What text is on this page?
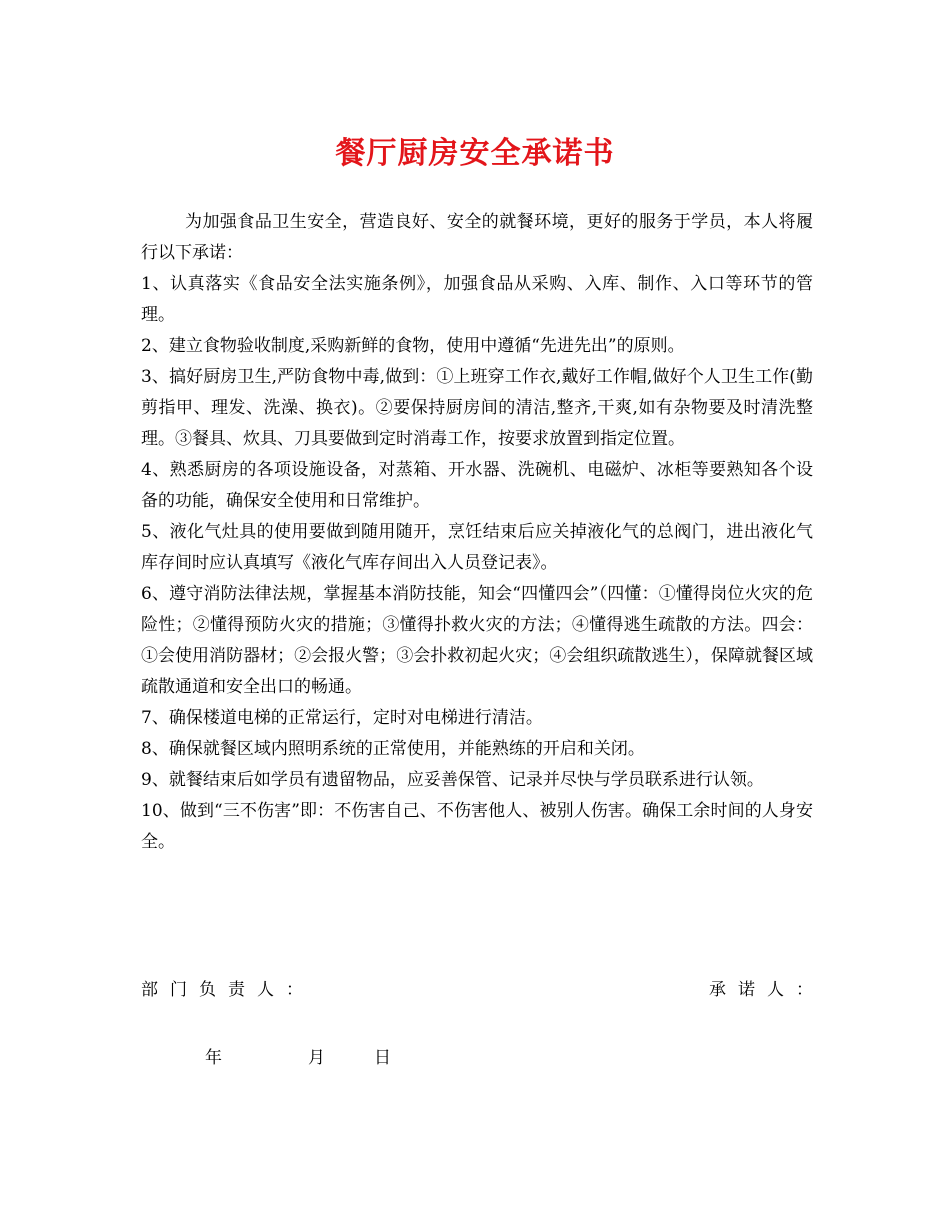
餐厅厨房安全承诺书

为加强食品卫生安全，营造良好、安全的就餐环境，更好的服务于学员，本人将履行以下承诺：

1、认真落实《食品安全法实施条例》，加强食品从采购、入库、制作、入口等环节的管理。

2、建立食物验收制度,采购新鲜的食物，使用中遵循“先进先出”的原则。

3、搞好厨房卫生,严防食物中毒,做到：①上班穿工作衣,戴好工作帽,做好个人卫生工作(勤剪指甲、理发、洗澡、换衣)。②要保持厨房间的清洁,整齐,干爽,如有杂物要及时清洗整理。③餐具、炊具、刀具要做到定时消毒工作，按要求放置到指定位置。

4、熟悉厨房的各项设施设备，对蒸箱、开水器、洗碗机、电磁炉、冰柜等要熟知各个设备的功能，确保安全使用和日常维护。

5、液化气灶具的使用要做到随用随开，烹饪结束后应关掉液化气的总阀门，进出液化气库存间时应认真填写《液化气库存间出入人员登记表》。

6、遵守消防法律法规，掌握基本消防技能，知会“四懂四会”（四懂：①懂得岗位火灾的危险性；②懂得预防火灾的措施；③懂得扑救火灾的方法；④懂得逃生疏散的方法。四会：①会使用消防器材；②会报火警；③会扑救初起火灾；④会组织疏散逃生），保障就餐区域疏散通道和安全出口的畅通。

7、确保楼道电梯的正常运行，定时对电梯进行清洁。

8、确保就餐区域内照明系统的正常使用，并能熟练的开启和关闭。

9、就餐结束后如学员有遗留物品，应妥善保管、记录并尽快与学员联系进行认领。

10、做到“三不伤害”即：不伤害自己、不伤害他人、被别人伤害。确保工余时间的人身安全。

部门负责人：	承诺人：
年	月	日
